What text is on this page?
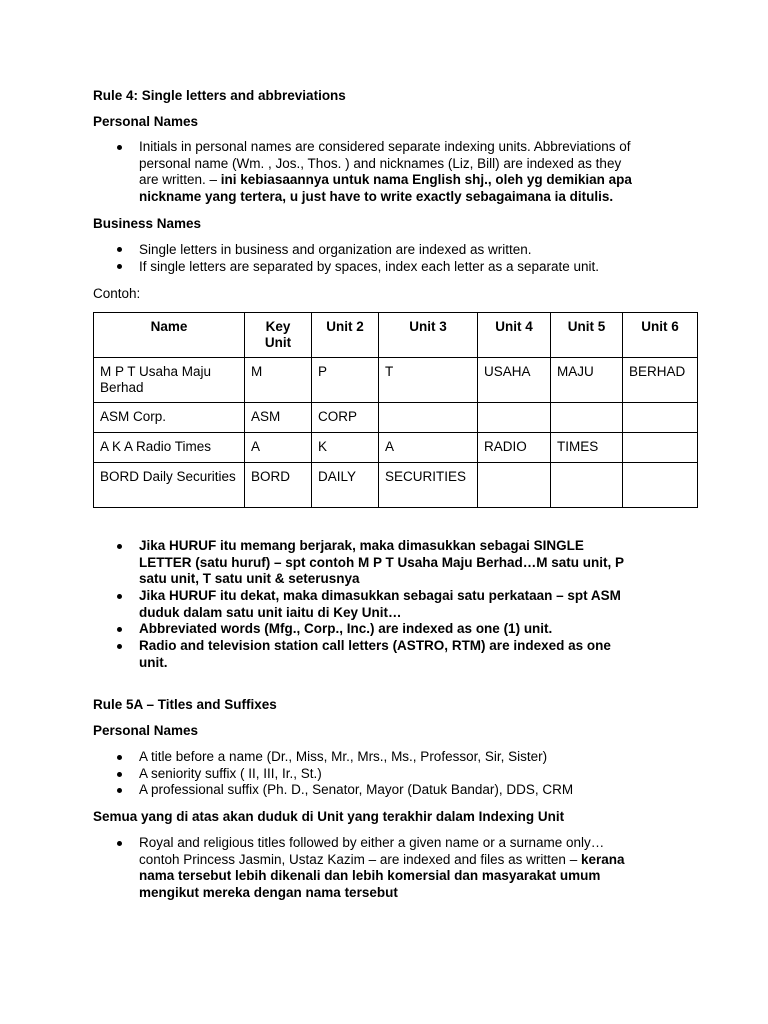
Rule 4: Single letters and abbreviations
Personal Names
Initials in personal names are considered separate indexing units. Abbreviations of
personal name (Wm. , Jos., Thos. ) and nicknames (Liz, Bill) are indexed as they
are written. – ini kebiasaannya untuk nama English shj., oleh yg demikian apa
nickname yang tertera, u just have to write exactly sebagaimana ia ditulis.
Business Names
Single letters in business and organization are indexed as written.
If single letters are separated by spaces, index each letter as a separate unit.
Contoh:
Name	Key Unit	Unit 2	Unit 3	Unit 4	Unit 5	Unit 6
M P T Usaha Maju Berhad	M	P	T	USAHA	MAJU	BERHAD
ASM Corp.	ASM	CORP				
A K A Radio Times	A	K	A	RADIO	TIMES	
BORD Daily Securities	BORD	DAILY	SECURITIES			
Jika HURUF itu memang berjarak, maka dimasukkan sebagai SINGLE
LETTER (satu huruf) – spt contoh M P T Usaha Maju Berhad…M satu unit, P
satu unit, T satu unit & seterusnya
Jika HURUF itu dekat, maka dimasukkan sebagai satu perkataan – spt ASM
duduk dalam satu unit iaitu di Key Unit…
Abbreviated words (Mfg., Corp., Inc.) are indexed as one (1) unit.
Radio and television station call letters (ASTRO, RTM) are indexed as one
unit.
Rule 5A – Titles and Suffixes
Personal Names
A title before a name (Dr., Miss, Mr., Mrs., Ms., Professor, Sir, Sister)
A seniority suffix ( II, III, Ir., St.)
A professional suffix (Ph. D., Senator, Mayor (Datuk Bandar), DDS, CRM
Semua yang di atas akan duduk di Unit yang terakhir dalam Indexing Unit
Royal and religious titles followed by either a given name or a surname only…
contoh Princess Jasmin, Ustaz Kazim – are indexed and files as written – kerana
nama tersebut lebih dikenali dan lebih komersial dan masyarakat umum
mengikut mereka dengan nama tersebut
